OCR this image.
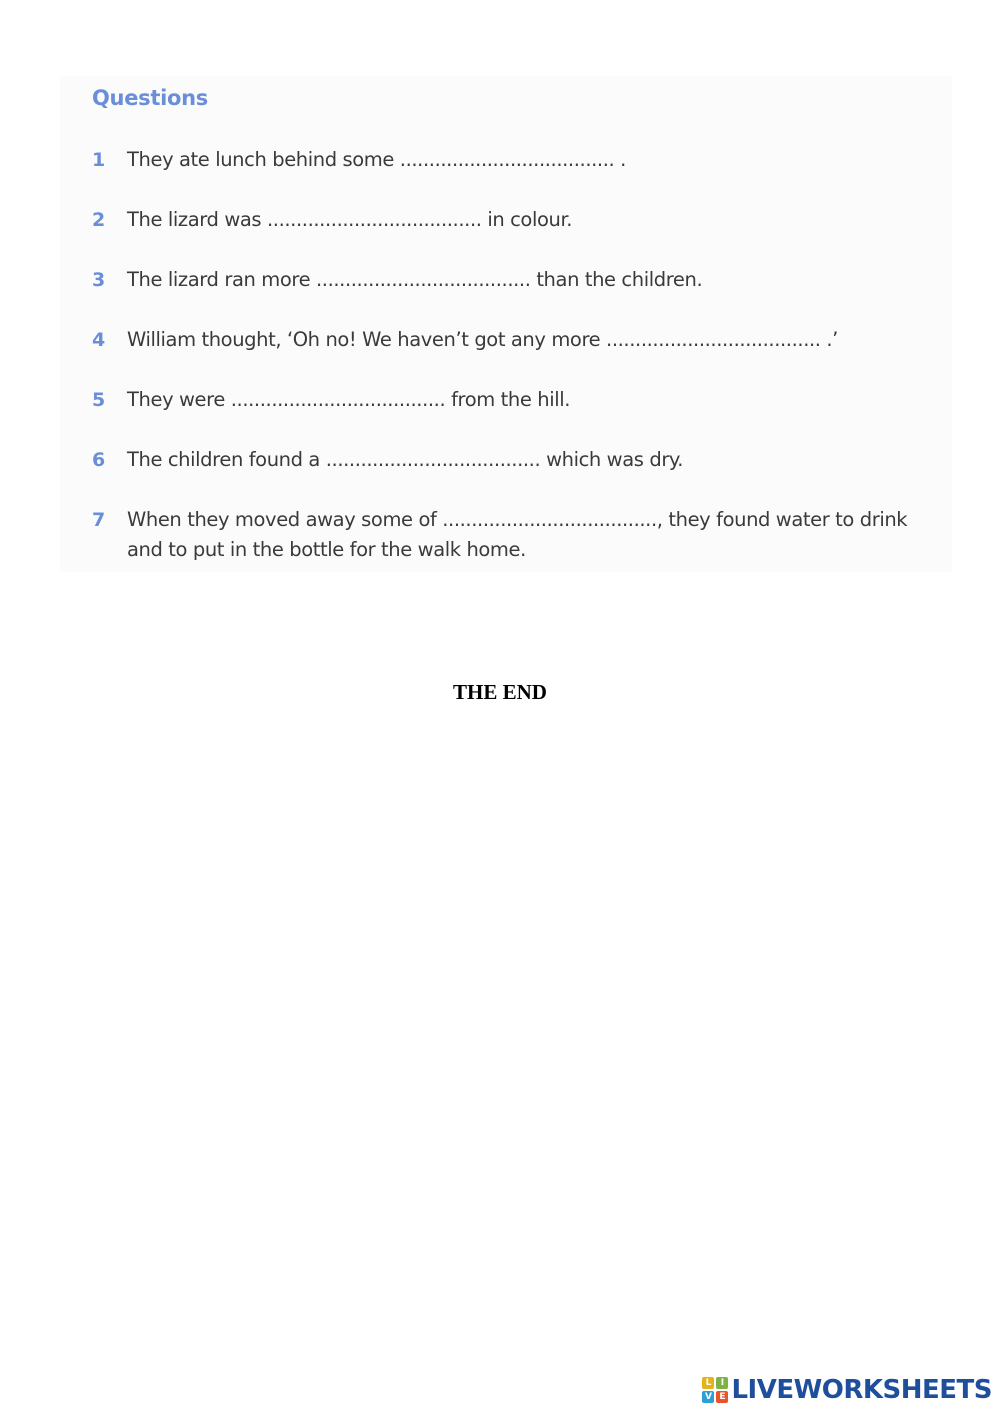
Questions
1 They ate lunch behind some ..................................... .
2 The lizard was ..................................... in colour.
3 The lizard ran more ..................................... than the children.
4 William thought, ‘Oh no! We haven’t got any more ..................................... .’
5 They were ..................................... from the hill.
6 The children found a ..................................... which was dry.
7 When they moved away some of ....................................., they found water to drink
and to put in the bottle for the walk home.
THE END
L	I
V E LIVEWORKSHEETS
